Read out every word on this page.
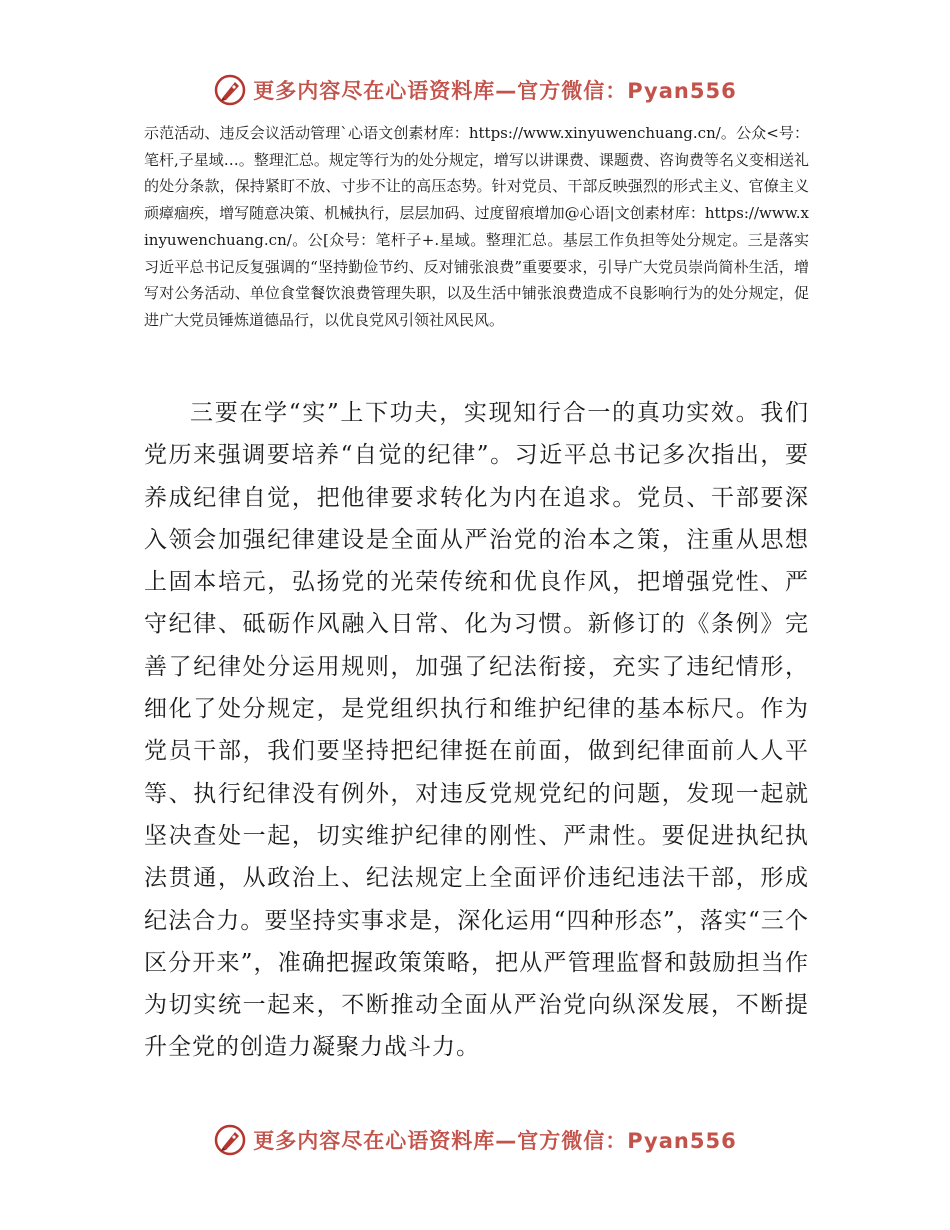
更多内容尽在心语资料库—官方微信：Pyan556

示范活动、违反会议活动管理`心语文创素材库：https://www.xinyuwenchuang.cn/。公众<号：笔杆,子星域…。整理汇总。规定等行为的处分规定，增写以讲课费、课题费、咨询费等名义变相送礼的处分条款，保持紧盯不放、寸步不让的高压态势。针对党员、干部反映强烈的形式主义、官僚主义顽瘴痼疾，增写随意决策、机械执行，层层加码、过度留痕增加@心语|文创素材库：https://www.xinyuwenchuang.cn/。公[众号：笔杆子+.星域。整理汇总。基层工作负担等处分规定。三是落实习近平总书记反复强调的“坚持勤俭节约、反对铺张浪费”重要要求，引导广大党员崇尚简朴生活，增写对公务活动、单位食堂餐饮浪费管理失职，以及生活中铺张浪费造成不良影响行为的处分规定，促进广大党员锤炼道德品行，以优良党风引领社风民风。

三要在学“实”上下功夫，实现知行合一的真功实效。我们党历来强调要培养“自觉的纪律”。习近平总书记多次指出，要养成纪律自觉，把他律要求转化为内在追求。党员、干部要深入领会加强纪律建设是全面从严治党的治本之策，注重从思想上固本培元，弘扬党的光荣传统和优良作风，把增强党性、严守纪律、砥砺作风融入日常、化为习惯。新修订的《条例》完善了纪律处分运用规则，加强了纪法衔接，充实了违纪情形，细化了处分规定，是党组织执行和维护纪律的基本标尺。作为党员干部，我们要坚持把纪律挺在前面，做到纪律面前人人平等、执行纪律没有例外，对违反党规党纪的问题，发现一起就坚决查处一起，切实维护纪律的刚性、严肃性。要促进执纪执法贯通，从政治上、纪法规定上全面评价违纪违法干部，形成纪法合力。要坚持实事求是，深化运用“四种形态”，落实“三个区分开来”，准确把握政策策略，把从严管理监督和鼓励担当作为切实统一起来，不断推动全面从严治党向纵深发展，不断提升全党的创造力凝聚力战斗力。

更多内容尽在心语资料库—官方微信：Pyan556
